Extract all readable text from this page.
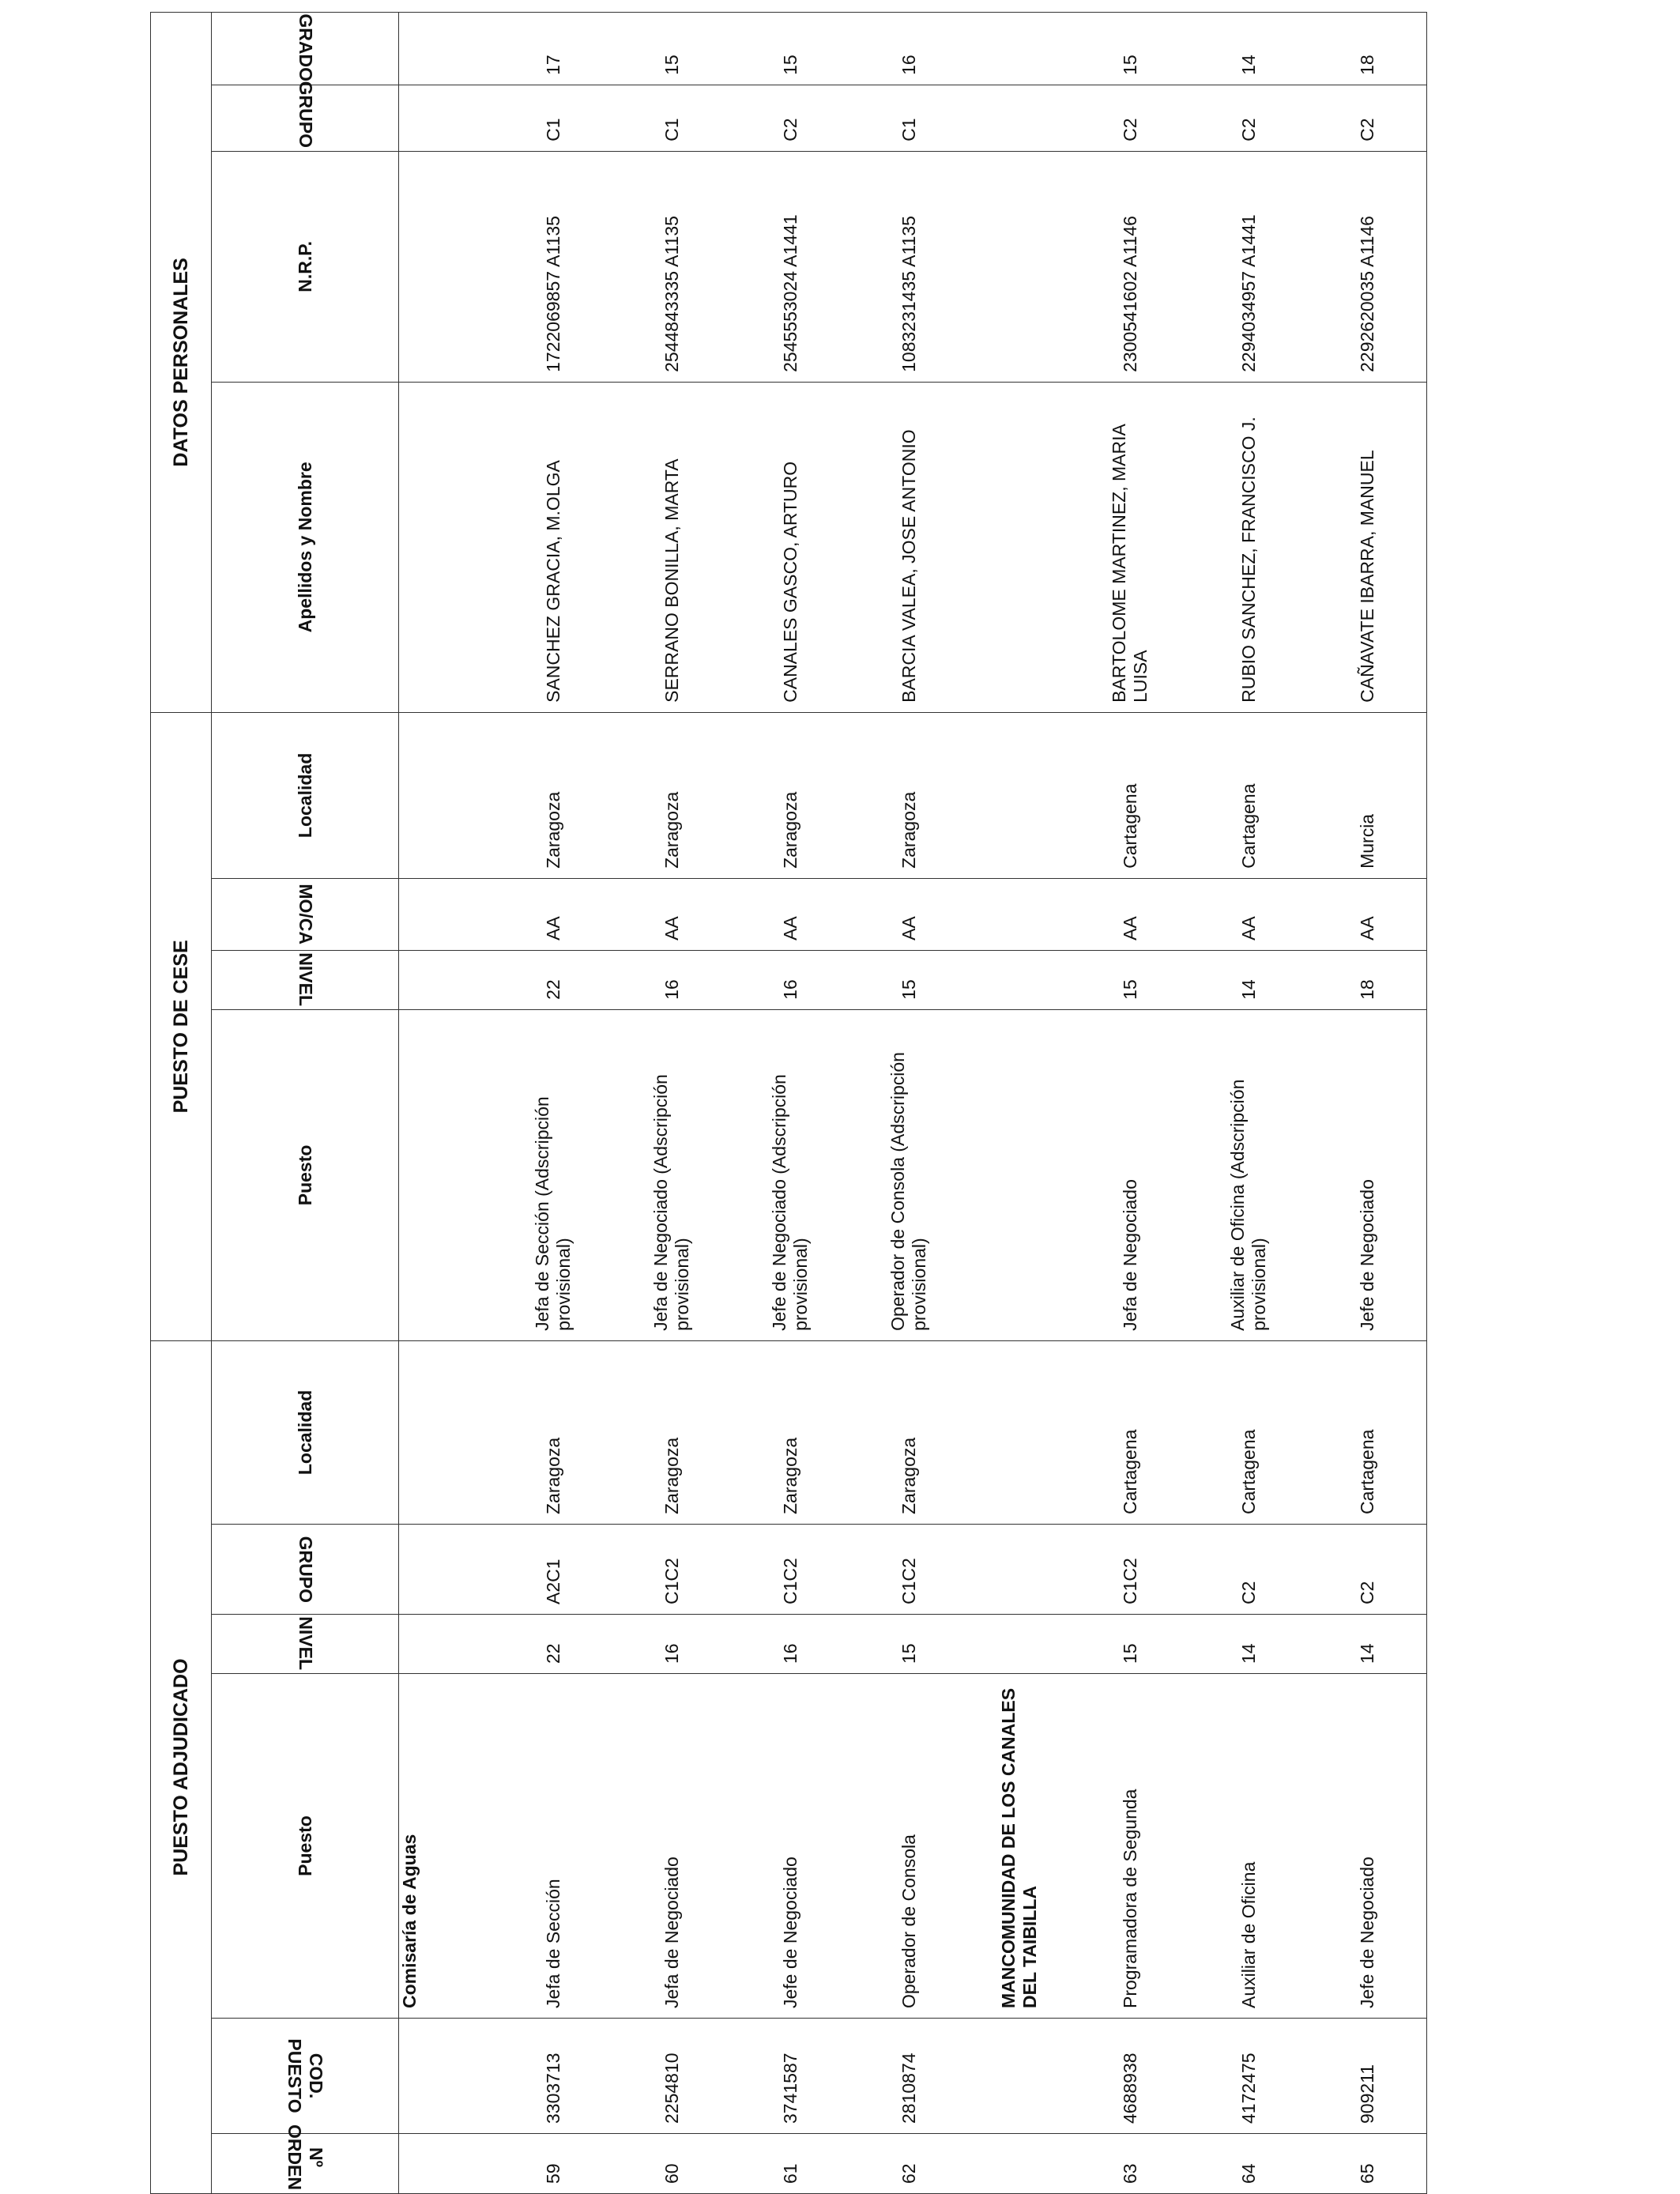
PUESTO ADJUDICADO						PUESTO DE CESE				DATOS PERSONALES			
Nº ORDEN	COD. PUESTO	Puesto	NIVEL	GRUPO	Localidad	Puesto	NIVEL	MO/CA	Localidad	Apellidos y Nombre	N.R.P.	GRUPO	GRADO
		Comisaría de Aguas											
59	3303713	Jefa de Sección	22	A2C1	Zaragoza	Jefa de Sección (Adscripción provisional)	22	AA	Zaragoza	SANCHEZ GRACIA, M.OLGA	1722069857 A1135	C1	17
60	2254810	Jefa de Negociado	16	C1C2	Zaragoza	Jefa de Negociado (Adscripción provisional)	16	AA	Zaragoza	SERRANO BONILLA, MARTA	2544843335 A1135	C1	15
61	3741587	Jefe de Negociado	16	C1C2	Zaragoza	Jefe de Negociado (Adscripción provisional)	16	AA	Zaragoza	CANALES GASCO, ARTURO	2545553024 A1441	C2	15
62	2810874	Operador de Consola	15	C1C2	Zaragoza	Operador de Consola (Adscripción provisional)	15	AA	Zaragoza	BARCIA VALEA, JOSE ANTONIO	1083231435 A1135	C1	16
		MANCOMUNIDAD DE LOS CANALES DEL TAIBILLA											
63	4688938	Programadora de Segunda	15	C1C2	Cartagena	Jefa de Negociado	15	AA	Cartagena	BARTOLOME MARTINEZ, MARIA LUISA	2300541602 A1146	C2	15
64	4172475	Auxiliar de Oficina	14	C2	Cartagena	Auxiliar de Oficina (Adscripción provisional)	14	AA	Cartagena	RUBIO SANCHEZ, FRANCISCO J.	2294034957 A1441	C2	14
65	909211	Jefe de Negociado	14	C2	Cartagena	Jefe de Negociado	18	AA	Murcia	CAÑAVATE IBARRA, MANUEL	2292620035 A1146	C2	18
